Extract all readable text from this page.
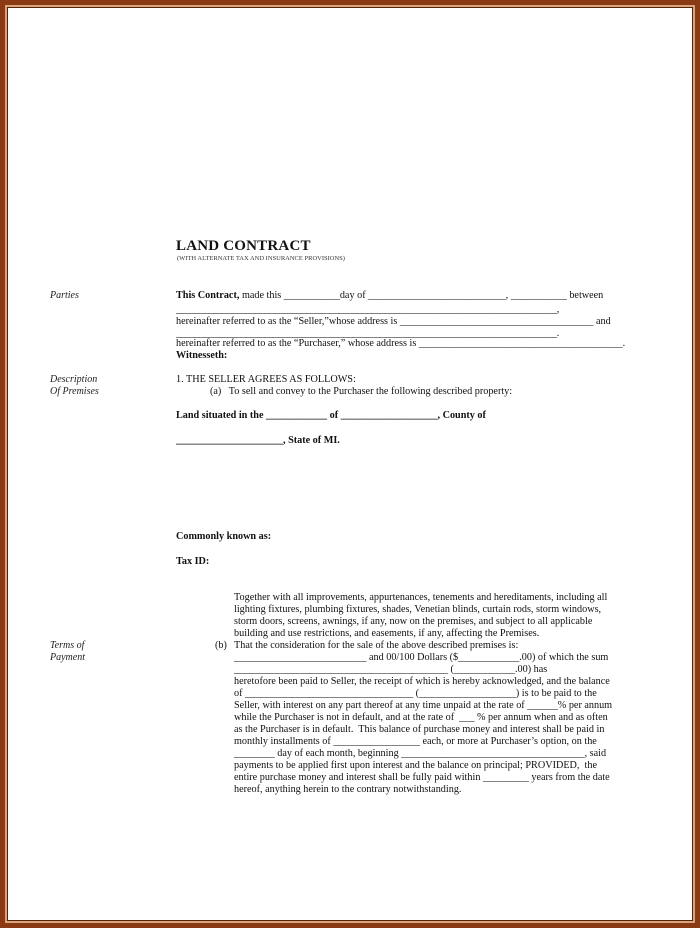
LAND CONTRACT
(WITH ALTERNATE TAX AND INSURANCE PROVISIONS)
Parties
Description
Of Premises
Terms of
Payment
This Contract, made this ___________day of ___________________________, ___________ between
__________________________________________________________________________________,
hereinafter referred to as the “Seller,”whose address is ______________________________________ and
__________________________________________________________________________________.
hereinafter referred to as the “Purchaser,” whose address is ________________________________________.
Witnesseth:
1. THE SELLER AGREES AS FOLLOWS:
(a)   To sell and convey to the Purchaser the following described property:
Land situated in the ____________ of ___________________, County of
_____________________, State of MI.
Commonly known as:
Tax ID:
Together with all improvements, appurtenances, tenements and hereditaments, including all
lighting fixtures, plumbing fixtures, shades, Venetian blinds, curtain rods, storm windows,
storm doors, screens, awnings, if any, now on the premises, and subject to all applicable
building and use restrictions, and easements, if any, affecting the Premises.
(b) That the consideration for the sale of the above described premises is:
__________________________ and 00/100 Dollars ($____________.00) of which the sum
__________________________________________ (____________.00) has
heretofore been paid to Seller, the receipt of which is hereby acknowledged, and the balance
of _________________________________ (___________________) is to be paid to the
Seller, with interest on any part thereof at any time unpaid at the rate of ______% per annum
while the Purchaser is not in default, and at the rate of  ___ % per annum when and as often
as the Purchaser is in default.  This balance of purchase money and interest shall be paid in
monthly installments of _________________ each, or more at Purchaser’s option, on the
________ day of each month, beginning ____________________________________, said
payments to be applied first upon interest and the balance on principal; PROVIDED,  the
entire purchase money and interest shall be fully paid within _________ years from the date
hereof, anything herein to the contrary notwithstanding.
